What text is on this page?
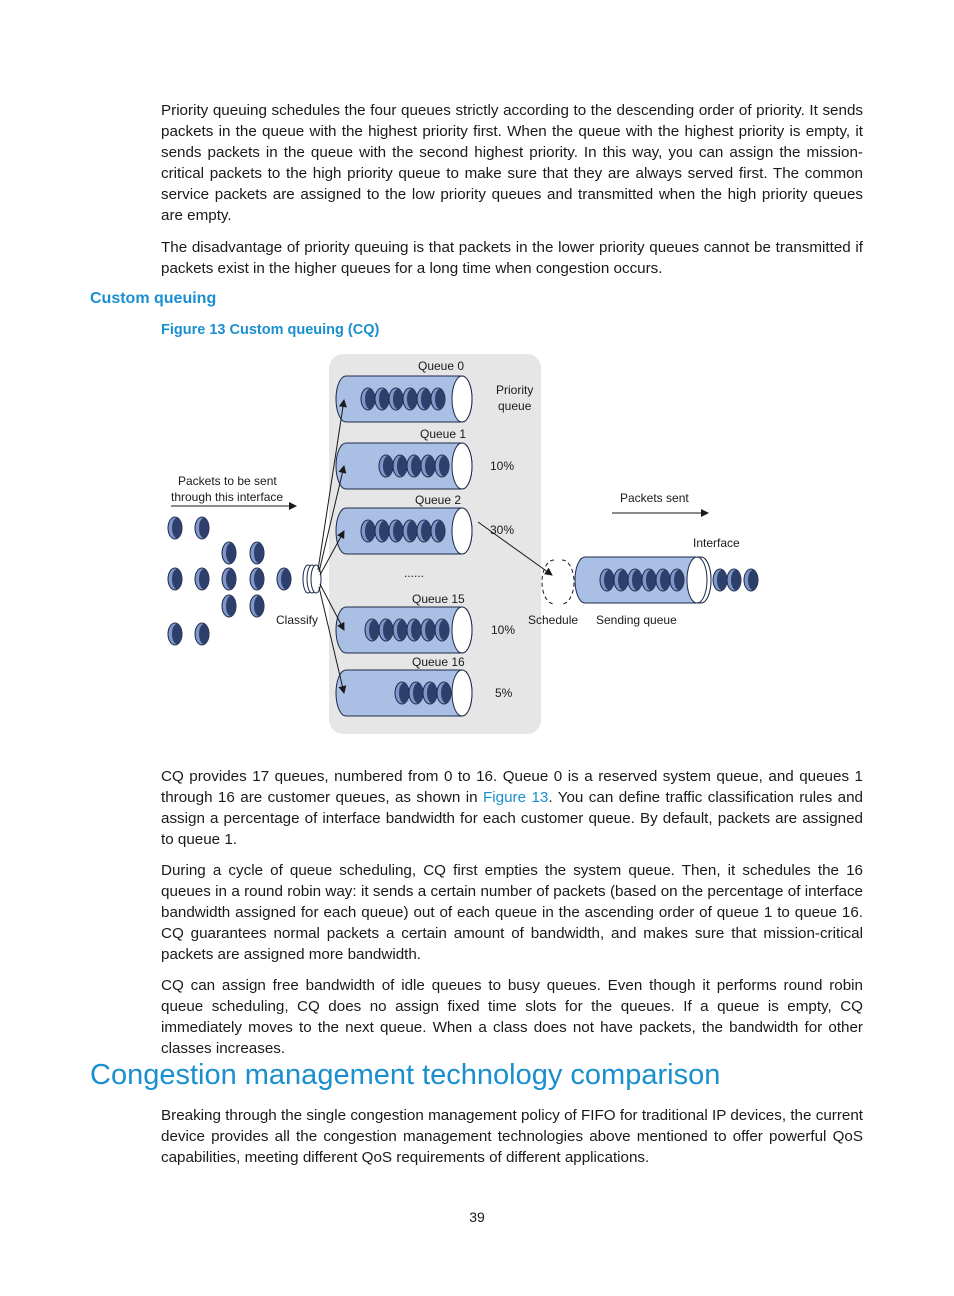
Priority queuing schedules the four queues strictly according to the descending order of priority. It sends packets in the queue with the highest priority first. When the queue with the highest priority is empty, it sends packets in the queue with the second highest priority. In this way, you can assign the mission-critical packets to the high priority queue to make sure that they are always served first. The common service packets are assigned to the low priority queues and transmitted when the high priority queues are empty.

The disadvantage of priority queuing is that packets in the lower priority queues cannot be transmitted if packets exist in the higher queues for a long time when congestion occurs.

Custom queuing

Figure 13 Custom queuing (CQ)

Queue 0
Priority
queue
Queue 1
10%
Queue 2
30%
......
Queue 15
10%
Queue 16
5%
Packets to be sent
through this interface
Classify	Schedule Sending queue
Interface
Packets sent

CQ provides 17 queues, numbered from 0 to 16. Queue 0 is a reserved system queue, and queues 1 through 16 are customer queues, as shown in Figure 13. You can define traffic classification rules and assign a percentage of interface bandwidth for each customer queue. By default, packets are assigned to queue 1.

During a cycle of queue scheduling, CQ first empties the system queue. Then, it schedules the 16 queues in a round robin way: it sends a certain number of packets (based on the percentage of interface bandwidth assigned for each queue) out of each queue in the ascending order of queue 1 to queue 16. CQ guarantees normal packets a certain amount of bandwidth, and makes sure that mission-critical packets are assigned more bandwidth.

CQ can assign free bandwidth of idle queues to busy queues. Even though it performs round robin queue scheduling, CQ does no assign fixed time slots for the queues. If a queue is empty, CQ immediately moves to the next queue. When a class does not have packets, the bandwidth for other classes increases.

Congestion management technology comparison

Breaking through the single congestion management policy of FIFO for traditional IP devices, the current device provides all the congestion management technologies above mentioned to offer powerful QoS capabilities, meeting different QoS requirements of different applications.

39
